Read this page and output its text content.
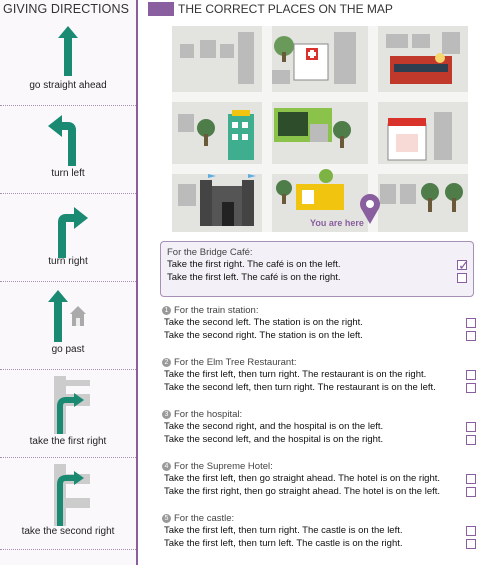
GIVING DIRECTIONS
go straight ahead
turn left
turn right
go past
take the first right
take the second right
THE CORRECT PLACES ON THE MAP
You are here
For the Bridge Café:
Take the first right. The café is on the left.	✓
Take the first left. The café is on the right.
1 For the train station:
Take the second left. The station is on the right.
Take the second right. The station is on the left.
2 For the Elm Tree Restaurant:
Take the first left, then turn right. The restaurant is on the right.
Take the second left, then turn right. The restaurant is on the left.
3 For the hospital:
Take the second right, and the hospital is on the left.
Take the second left, and the hospital is on the right.
4 For the Supreme Hotel:
Take the first left, then go straight ahead. The hotel is on the right.
Take the first right, then go straight ahead. The hotel is on the left.
5 For the castle:
Take the first left, then turn right. The castle is on the left.
Take the first left, then turn left. The castle is on the right.
